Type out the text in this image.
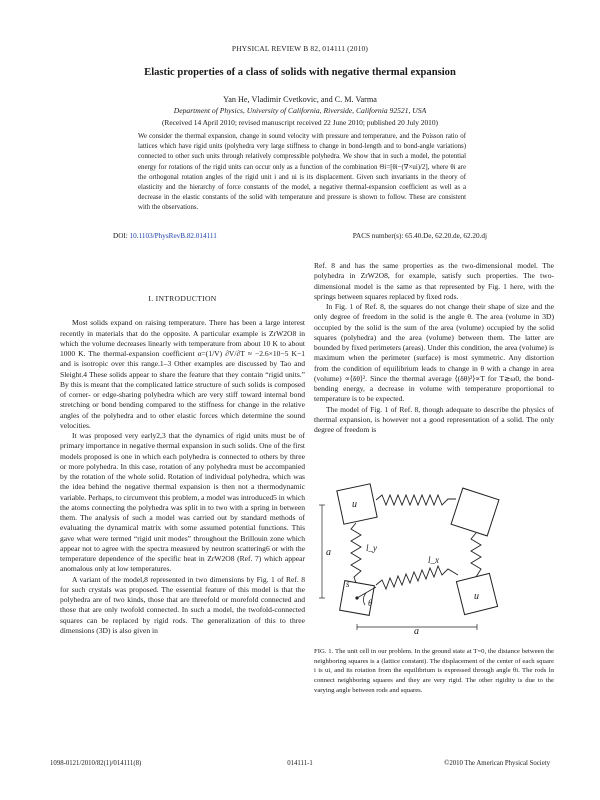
PHYSICAL REVIEW B 82, 014111 (2010)
Elastic properties of a class of solids with negative thermal expansion
Yan He, Vladimir Cvetkovic, and C. M. Varma
Department of Physics, University of California, Riverside, California 92521, USA
(Received 14 April 2010; revised manuscript received 22 June 2010; published 20 July 2010)
We consider the thermal expansion, change in sound velocity with pressure and temperature, and the Poisson ratio of lattices which have rigid units (polyhedra very large stiffness to change in bond-length and to bond-angle variations) connected to other such units through relatively compressible polyhedra. We show that in such a model, the potential energy for rotations of the rigid units can occur only as a function of the combination Θi=[θi−(∇×ui)/2], where θi are the orthogonal rotation angles of the rigid unit i and ui is its displacement. Given such invariants in the theory of elasticity and the hierarchy of force constants of the model, a negative thermal-expansion coefficient as well as a decrease in the elastic constants of the solid with temperature and pressure is shown to follow. These are consistent with the observations.
DOI: 10.1103/PhysRevB.82.014111	PACS number(s): 65.40.De, 62.20.de, 62.20.dj
I. INTRODUCTION

Most solids expand on raising temperature. There has been a large interest recently in materials that do the opposite. A particular example is ZrW2O8 in which the volume decreases linearly with temperature from about 10 K to about 1000 K. The thermal-expansion coefficient α=(1/V) ∂V/∂T ≈ −2.6×10−5 K−1 and is isotropic over this range.1–3 Other examples are discussed by Tao and Sleight.4 These solids appear to share the feature that they contain “rigid units.” By this is meant that the complicated lattice structure of such solids is composed of corner- or edge-sharing polyhedra which are very stiff toward internal bond stretching or bond bending compared to the stiffness for change in the relative angles of the polyhedra and to other elastic forces which determine the sound velocities.

It was proposed very early2,3 that the dynamics of rigid units must be of primary importance in negative thermal expansion in such solids. One of the first models proposed is one in which each polyhedra is connected to others by three or more polyhedra. In this case, rotation of any polyhedra must be accompanied by the rotation of the whole solid. Rotation of individual polyhedra, which was the idea behind the negative thermal expansion is then not a thermodynamic variable. Perhaps, to circumvent this problem, a model was introduced5 in which the atoms connecting the polyhedra was split in to two with a spring in between them. The analysis of such a model was carried out by standard methods of evaluating the dynamical matrix with some assumed potential functions. This gave what were termed “rigid unit modes” throughout the Brillouin zone which appear not to agree with the spectra measured by neutron scattering6 or with the temperature dependence of the specific heat in ZrW2O8 (Ref. 7) which appear anomalous only at low temperatures.

A variant of the model,8 represented in two dimensions by Fig. 1 of Ref. 8 for such crystals was proposed. The essential feature of this model is that the polyhedra are of two kinds, those that are threefold or morefold connected and those that are only twofold connected. In such a model, the twofold-connected squares can be replaced by rigid rods. The generalization of this to three dimensions (3D) is also given in

Ref. 8 and has the same properties as the two-dimensional model. The polyhedra in ZrW2O8, for example, satisfy such properties. The two-dimensional model is the same as that represented by Fig. 1 here, with the springs between squares replaced by fixed rods.

In Fig. 1 of Ref. 8, the squares do not change their shape of size and the only degree of freedom in the solid is the angle θ. The area (volume in 3D) occupied by the solid is the sum of the area (volume) occupied by the solid squares (polyhedra) and the area (volume) between them. The latter are bounded by fixed perimeters (areas). Under this condition, the area (volume) is maximum when the perimeter (surface) is most symmetric. Any distortion from the condition of equilibrium leads to change in θ with a change in area (volume) ∝⟨δθ⟩². Since the thermal average ⟨(δθ)²⟩∝T for T≳ω0, the bond-bending energy, a decrease in volume with temperature proportional to temperature is to be expected.

The model of Fig. 1 of Ref. 8, though adequate to describe the physics of thermal expansion, is however not a good representation of a solid. The only degree of freedom is

u
u
l_y
l_x
a
a
s
θ
FIG. 1. The unit cell in our problem. In the ground state at T=0, the distance between the neighboring squares is a (lattice constant). The displacement of the center of each square i is ui, and its rotation from the equilibrium is expressed through angle θi. The rods lα connect neighboring squares and they are very rigid. The other rigidity is due to the varying angle between rods and squares.
1098-0121/2010/82(1)/014111(8)	014111-1	©2010 The American Physical Society
